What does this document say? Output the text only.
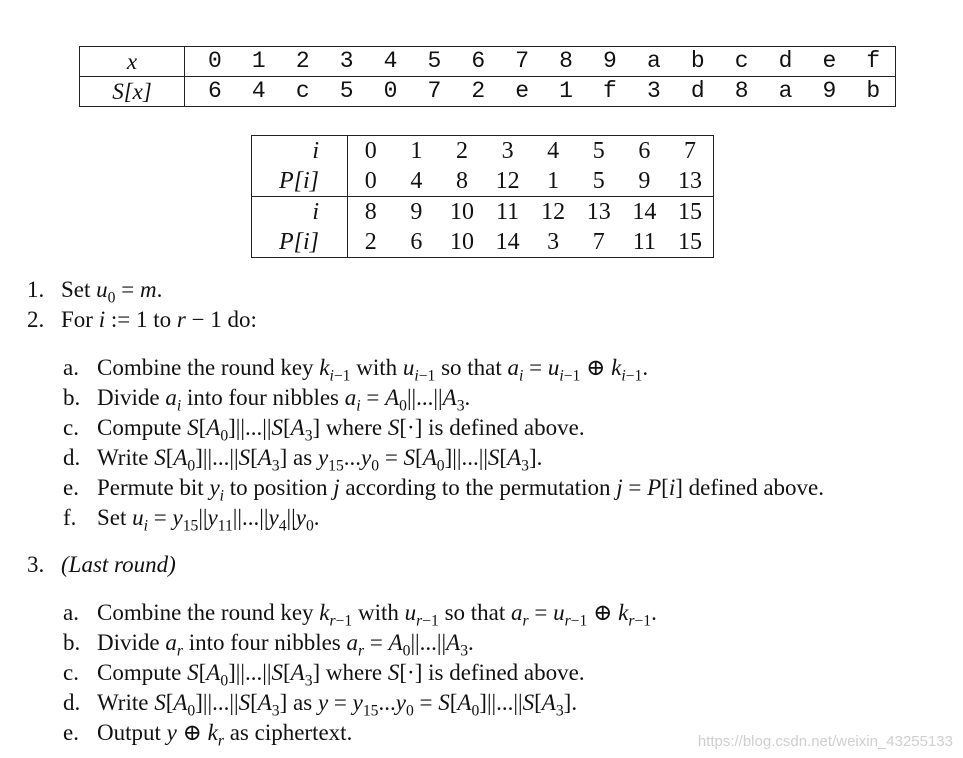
x	0	1	2	3	4	5	6	7	8	9	a	b	c	d	e	f
S[x]	6	4	c	5	0	7	2	e	1	f	3	d	8	a	9	b
i	0	1	2	3	4	5	6	7
P[i]	0	4	8	12	1	5	9	13
i	8	9	10	11	12	13	14	15
P[i]	2	6	10	14	3	7	11	15
1. Set $u_0 = m$.
2. For i := 1 to r − 1 do:
a. Combine the round key $k_{i-1}$ with $u_{i-1}$ so that $a_i = u_{i-1}$ ⊕ $k_{i-1}$.
b. Divide $a_i$ into four nibbles $a_i = A_0||...||A_3$.
c. Compute $S[A_0]||...||S[A_3]$ where S[·] is defined above.
d. Write $S[A_0]||...||S[A_3]$ as $y_{15}...y_0 = S[A_0]||...||S[A_3]$.
e. Permute bit $y_i$ to position j according to the permutation j = P[i] defined above.
f. Set $u_i = y_{15}||y_{11}||...||y_4||y_0$.
3. (Last round)
a. Combine the round key $k_{r-1}$ with $u_{r-1}$ so that $a_r = u_{r-1}$ ⊕ $k_{r-1}$.
b. Divide $a_r$ into four nibbles $a_r = A_0||...||A_3$.
c. Compute $S[A_0]||...||S[A_3]$ where S[·] is defined above.
d. Write $S[A_0]||...||S[A_3]$ as $y = y_{15}...y_0 = S[A_0]||...||S[A_3]$.
e. Output y ⊕ $k_r$ as ciphertext.	https://blog.csdn.net/weixin_43255133
